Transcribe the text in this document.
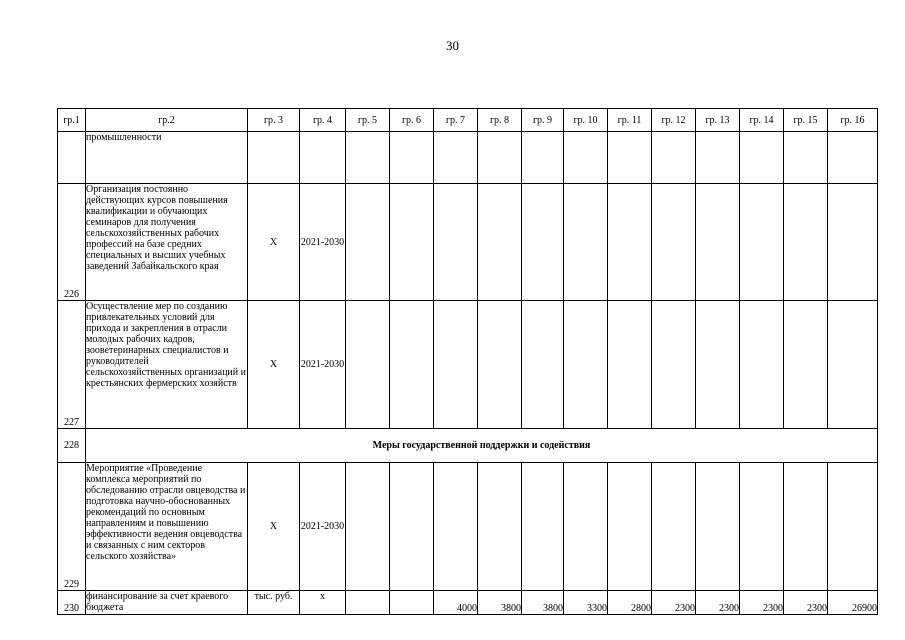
30
гр.1	гр.2	гр. 3	гр. 4	гр. 5	гр. 6	гр. 7	гр. 8	гр. 9	гр. 10	гр. 11	гр. 12	гр. 13	гр. 14	гр. 15	гр. 16
	промышленности														
226	Организация постоянно действующих курсов повышения квалификации и обучающих семинаров для получения сельскохозяйственных рабочих профессий на базе средних специальных и высших учебных заведений Забайкальского края	Х	2021-2030												
227	Осуществление мер по созданию привлекательных условий для прихода и закрепления в отрасли молодых рабочих кадров, зооветеринарных специалистов и руководителей сельскохозяйственных организаций и крестьянских фермерских хозяйств	Х	2021-2030												
228	Меры государственной поддержки и содействия														
229	Мероприятие «Проведение комплекса мероприятий по обследованию отрасли овцеводства и подготовка научно-обоснованных рекомендаций по основным направлениям и повышению эффективности ведения овцеводства и связанных с ним секторов сельского хозяйства»	Х	2021-2030												
230	финансирование за счет краевого бюджета	тыс. руб.	х			4000	3800	3800	3300	2800	2300	2300	2300	2300	26900
